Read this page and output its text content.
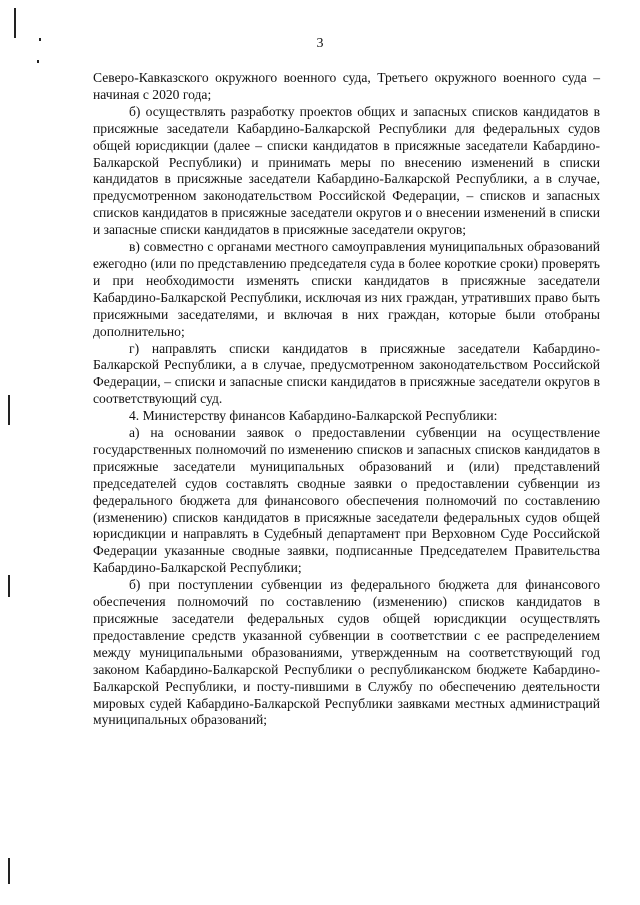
3

Северо-Кавказского окружного военного суда, Третьего окружного военного суда – начиная с 2020 года;

б) осуществлять разработку проектов общих и запасных списков кандидатов в присяжные заседатели Кабардино-Балкарской Республики для федеральных судов общей юрисдикции (далее – списки кандидатов в присяжные заседатели Кабардино-Балкарской Республики) и принимать меры по внесению изменений в списки кандидатов в присяжные заседатели Кабардино-Балкарской Республики, а в случае, предусмотренном законодательством Российской Федерации, – списков и запасных списков кандидатов в присяжные заседатели округов и о внесении изменений в списки и запасные списки кандидатов в присяжные заседатели округов;

в) совместно с органами местного самоуправления муниципальных образований ежегодно (или по представлению председателя суда в более короткие сроки) проверять и при необходимости изменять списки кандидатов в присяжные заседатели Кабардино-Балкарской Республики, исключая из них граждан, утративших право быть присяжными заседателями, и включая в них граждан, которые были отобраны дополнительно;

г) направлять списки кандидатов в присяжные заседатели Кабардино-Балкарской Республики, а в случае, предусмотренном законодательством Российской Федерации, – списки и запасные списки кандидатов в присяжные заседатели округов в соответствующий суд.

4. Министерству финансов Кабардино-Балкарской Республики:

а) на основании заявок о предоставлении субвенции на осуществление государственных полномочий по изменению списков и запасных списков кандидатов в присяжные заседатели муниципальных образований и (или) представлений председателей судов составлять сводные заявки о предоставлении субвенции из федерального бюджета для финансового обеспечения полномочий по составлению (изменению) списков кандидатов в присяжные заседатели федеральных судов общей юрисдикции и направлять в Судебный департамент при Верховном Суде Российской Федерации указанные сводные заявки, подписанные Председателем Правительства Кабардино-Балкарской Республики;

б) при поступлении субвенции из федерального бюджета для финансового обеспечения полномочий по составлению (изменению) списков кандидатов в присяжные заседатели федеральных судов общей юрисдикции осуществлять предоставление средств указанной субвенции в соответствии с ее распределением между муниципальными образованиями, утвержденным на соответствующий год законом Кабардино-Балкарской Республики о республиканском бюджете Кабардино-Балкарской Республики, и посту-пившими в Службу по обеспечению деятельности мировых судей Кабардино-Балкарской Республики заявками местных администраций муниципальных образований;
